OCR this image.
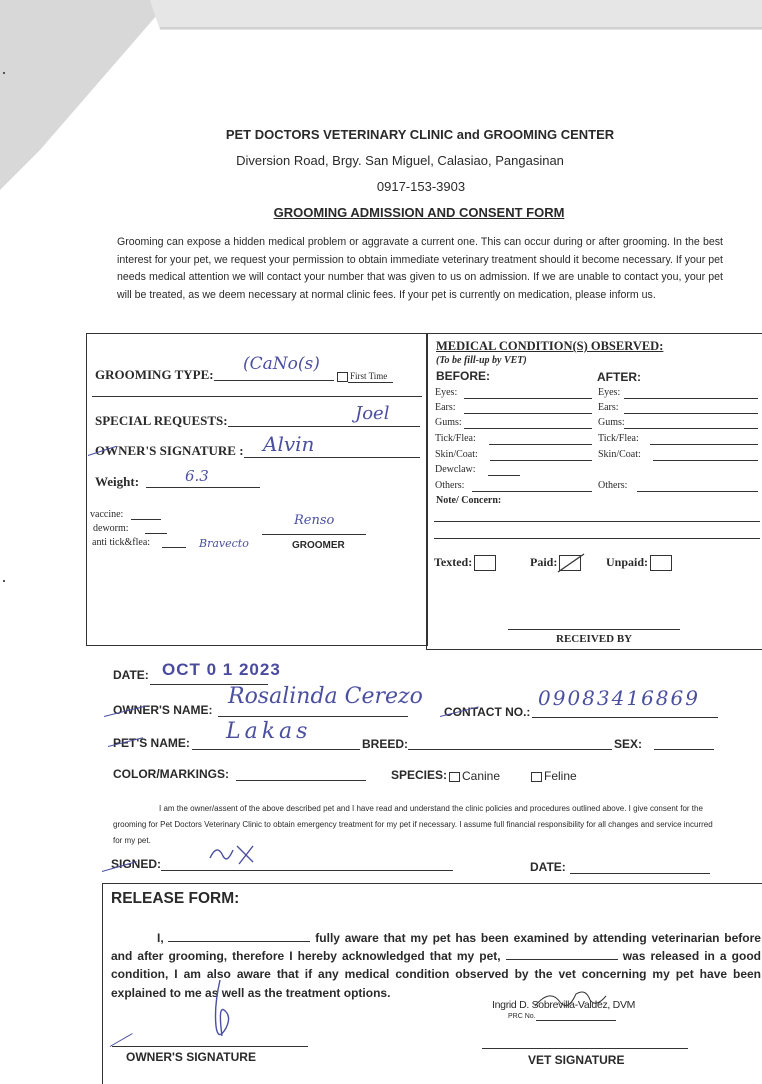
PET DOCTORS VETERINARY CLINIC and GROOMING CENTER
Diversion Road, Brgy. San Miguel, Calasiao, Pangasinan
0917-153-3903
GROOMING ADMISSION AND CONSENT FORM
Grooming can expose a hidden medical problem or aggravate a current one. This can occur during or after grooming. In the best interest for your pet, we request your permission to obtain immediate veterinary treatment should it become necessary. If your pet needs medical attention we will contact your number that was given to us on admission. If we are unable to contact you, your pet will be treated, as we deem necessary at normal clinic fees. If your pet is currently on medication, please inform us.
GROOMING TYPE:
(CaNo(s)
First Time
SPECIAL REQUESTS:	Joel
OWNER'S SIGNATURE : Alvin
Weight:	6.3
vaccine:
deworm:
anti tick&flea:	Bravecto
Renso
GROOMER
MEDICAL CONDITION(S) OBSERVED:
(To be fill-up by VET)
BEFORE:	AFTER:
Eyes:
Ears:
Gums:
Tick/Flea:
Skin/Coat:
Dewclaw:
Others:
Eyes:
Ears:
Gums:
Tick/Flea:
Skin/Coat:
Others:
Note/ Concern:
Texted:	Paid:	Unpaid:
RECEIVED BY
DATE: OCT 0 1 2023
OWNER'S NAME:
Rosalinda Cerezo
CONTACT NO.:
09083416869
PET'S NAME: Lakas	BREED:	SEX:
COLOR/MARKINGS:	SPECIES:	Canine	Feline
I am the owner/assent of the above described pet and I have read and understand the clinic policies and procedures outlined above. I give consent for the grooming for Pet Doctors Veterinary Clinic to obtain emergency treatment for my pet if necessary. I assume full financial responsibility for all changes and service incurred for my pet.
SIGNED:	DATE:
RELEASE FORM:
I,	fully aware that my pet has been examined by attending veterinarian before and after grooming, therefore I hereby acknowledged that my pet,	was released in a good condition, I am also aware that if any medical condition observed by the vet concerning my pet have been explained to me as well as the treatment options.
Ingrid D. Sobrevilla-Valdez, DVM
PRC No.
OWNER'S SIGNATURE	VET SIGNATURE
